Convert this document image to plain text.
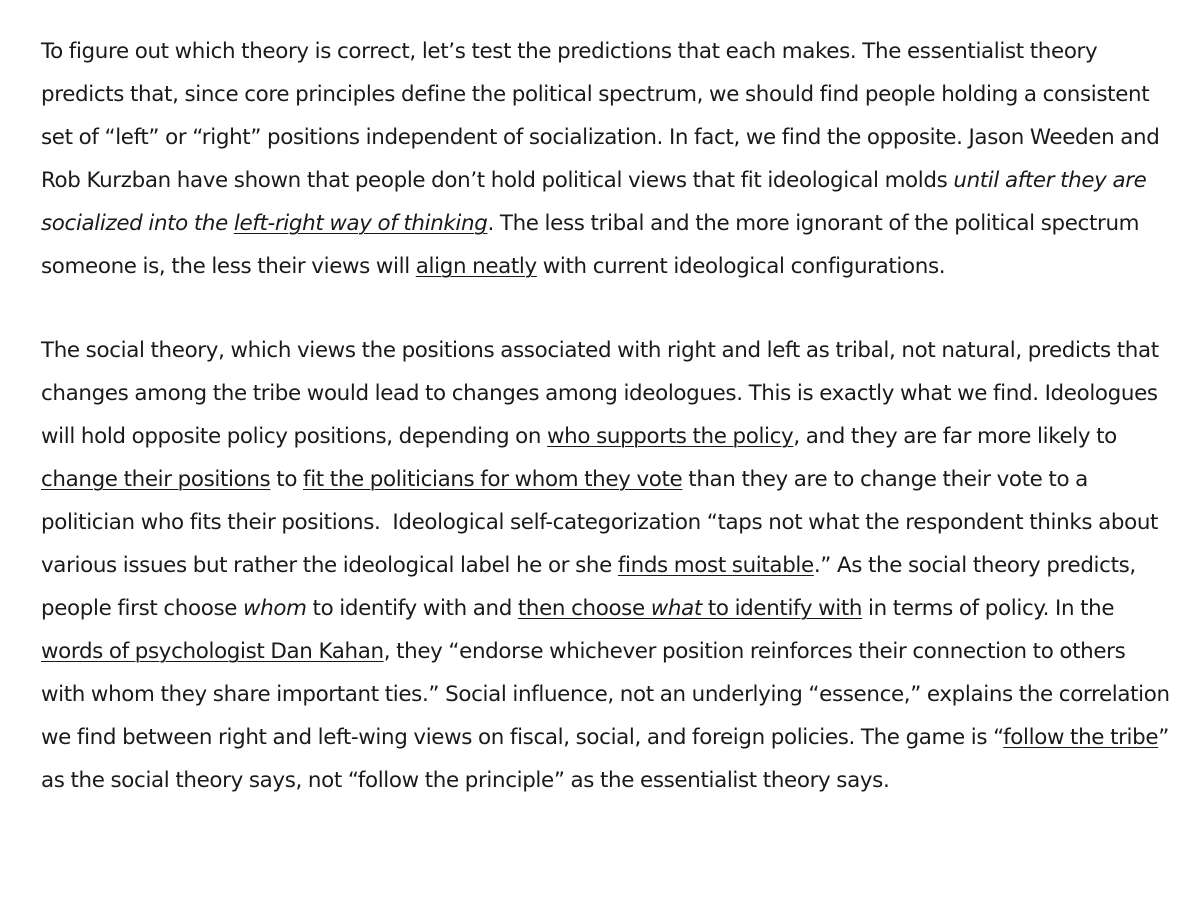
To figure out which theory is correct, let’s test the predictions that each makes. The essentialist theory predicts that, since core principles define the political spectrum, we should find people holding a consistent set of “left” or “right” positions independent of socialization. In fact, we find the opposite. Jason Weeden and Rob Kurzban have shown that people don’t hold political views that fit ideological molds until after they are socialized into the left-right way of thinking. The less tribal and the more ignorant of the political spectrum someone is, the less their views will align neatly with current ideological configurations.

The social theory, which views the positions associated with right and left as tribal, not natural, predicts that changes among the tribe would lead to changes among ideologues. This is exactly what we find. Ideologues will hold opposite policy positions, depending on who supports the policy, and they are far more likely to change their positions to fit the politicians for whom they vote than they are to change their vote to a politician who fits their positions.  Ideological self-categorization “taps not what the respondent thinks about various issues but rather the ideological label he or she finds most suitable.” As the social theory predicts, people first choose whom to identify with and then choose what to identify with in terms of policy. In the words of psychologist Dan Kahan, they “endorse whichever position reinforces their connection to others with whom they share important ties.” Social influence, not an underlying “essence,” explains the correlation we find between right and left-wing views on fiscal, social, and foreign policies. The game is “follow the tribe” as the social theory says, not “follow the principle” as the essentialist theory says.
